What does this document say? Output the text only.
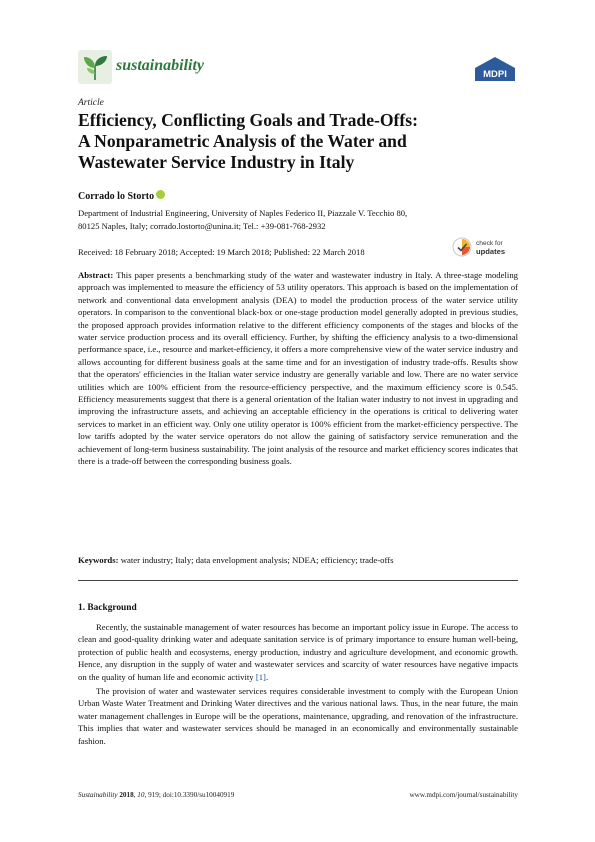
sustainability
MDPI
Article
Efficiency, Conflicting Goals and Trade-Offs:
A Nonparametric Analysis of the Water and
Wastewater Service Industry in Italy
Corrado lo Storto
Department of Industrial Engineering, University of Naples Federico II, Piazzale V. Tecchio 80,
80125 Naples, Italy; corrado.lostorto@unina.it; Tel.: +39-081-768-2932
Received: 18 February 2018; Accepted: 19 March 2018; Published: 22 March 2018
check for
updates
Abstract: This paper presents a benchmarking study of the water and wastewater industry in Italy. A three-stage modeling approach was implemented to measure the efficiency of 53 utility operators. This approach is based on the implementation of network and conventional data envelopment analysis (DEA) to model the production process of the water service utility operators. In comparison to the conventional black-box or one-stage production model generally adopted in previous studies, the proposed approach provides information relative to the different efficiency components of the stages and blocks of the water service production process and its overall efficiency. Further, by shifting the efficiency analysis to a two-dimensional performance space, i.e., resource and market-efficiency, it offers a more comprehensive view of the water service industry and allows accounting for different business goals at the same time and for an investigation of industry trade-offs. Results show that the operators' efficiencies in the Italian water service industry are generally variable and low. There are no water service utilities which are 100% efficient from the resource-efficiency perspective, and the maximum efficiency score is 0.545. Efficiency measurements suggest that there is a general orientation of the Italian water industry to not invest in upgrading and improving the infrastructure assets, and achieving an acceptable efficiency in the operations is critical to delivering water services to market in an efficient way. Only one utility operator is 100% efficient from the market-efficiency perspective. The low tariffs adopted by the water service operators do not allow the gaining of satisfactory service remuneration and the achievement of long-term business sustainability. The joint analysis of the resource and market efficiency scores indicates that there is a trade-off between the corresponding business goals.
Keywords: water industry; Italy; data envelopment analysis; NDEA; efficiency; trade-offs
1. Background

Recently, the sustainable management of water resources has become an important policy issue in Europe. The access to clean and good-quality drinking water and adequate sanitation service is of primary importance to ensure human well-being, protection of public health and ecosystems, energy production, industry and agriculture development, and economic growth. Hence, any disruption in the supply of water and wastewater services and scarcity of water resources have negative impacts on the quality of human life and economic activity [1].

The provision of water and wastewater services requires considerable investment to comply with the European Union Urban Waste Water Treatment and Drinking Water directives and the various national laws. Thus, in the near future, the main water management challenges in Europe will be the operations, maintenance, upgrading, and renovation of the infrastructure. This implies that water and wastewater services should be managed in an economically and environmentally sustainable fashion.

Sustainability 2018, 10, 919; doi:10.3390/su10040919	www.mdpi.com/journal/sustainability
